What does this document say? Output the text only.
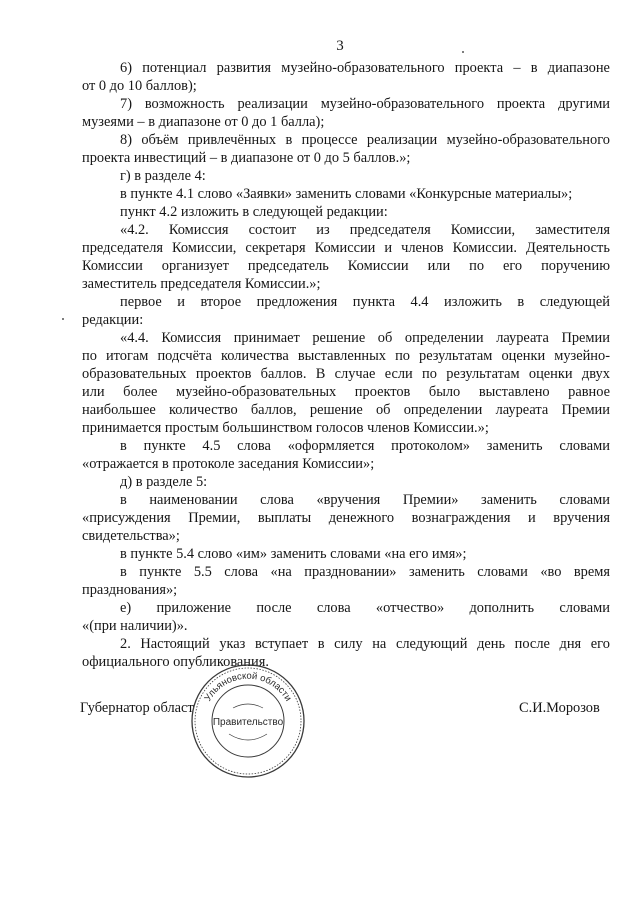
3
6) потенциал развития музейно-образовательного проекта – в диапазоне
от 0 до 10 баллов);
7) возможность реализации музейно-образовательного проекта другими
музеями – в диапазоне от 0 до 1 балла);
8) объём привлечённых в процессе реализации музейно-образовательного
проекта инвестиций – в диапазоне от 0 до 5 баллов.»;
г) в разделе 4:
в пункте 4.1 слово «Заявки» заменить словами «Конкурсные материалы»;
пункт 4.2 изложить в следующей редакции:
«4.2. Комиссия состоит из председателя Комиссии, заместителя
председателя Комиссии, секретаря Комиссии и членов Комиссии. Деятельность
Комиссии организует председатель Комиссии или по его поручению
заместитель председателя Комиссии.»;
первое и второе предложения пункта 4.4 изложить в следующей
редакции:
«4.4. Комиссия принимает решение об определении лауреата Премии
по итогам подсчёта количества выставленных по результатам оценки музейно-
образовательных проектов баллов. В случае если по результатам оценки двух
или более музейно-образовательных проектов было выставлено равное
наибольшее количество баллов, решение об определении лауреата Премии
принимается простым большинством голосов членов Комиссии.»;
в пункте 4.5 слова «оформляется протоколом» заменить словами
«отражается в протоколе заседания Комиссии»;
д) в разделе 5:
в наименовании слова «вручения Премии» заменить словами
«присуждения Премии, выплаты денежного вознаграждения и вручения
свидетельства»;
в пункте 5.4 слово «им» заменить словами «на его имя»;
в пункте 5.5 слова «на праздновании» заменить словами «во время
празднования»;
е) приложение после слова «отчество» дополнить словами
«(при наличии)».
2. Настоящий указ вступает в силу на следующий день после дня его
официального опубликования.
Губернатор област	С.И.Морозов
Ульяновской области
Правительство
